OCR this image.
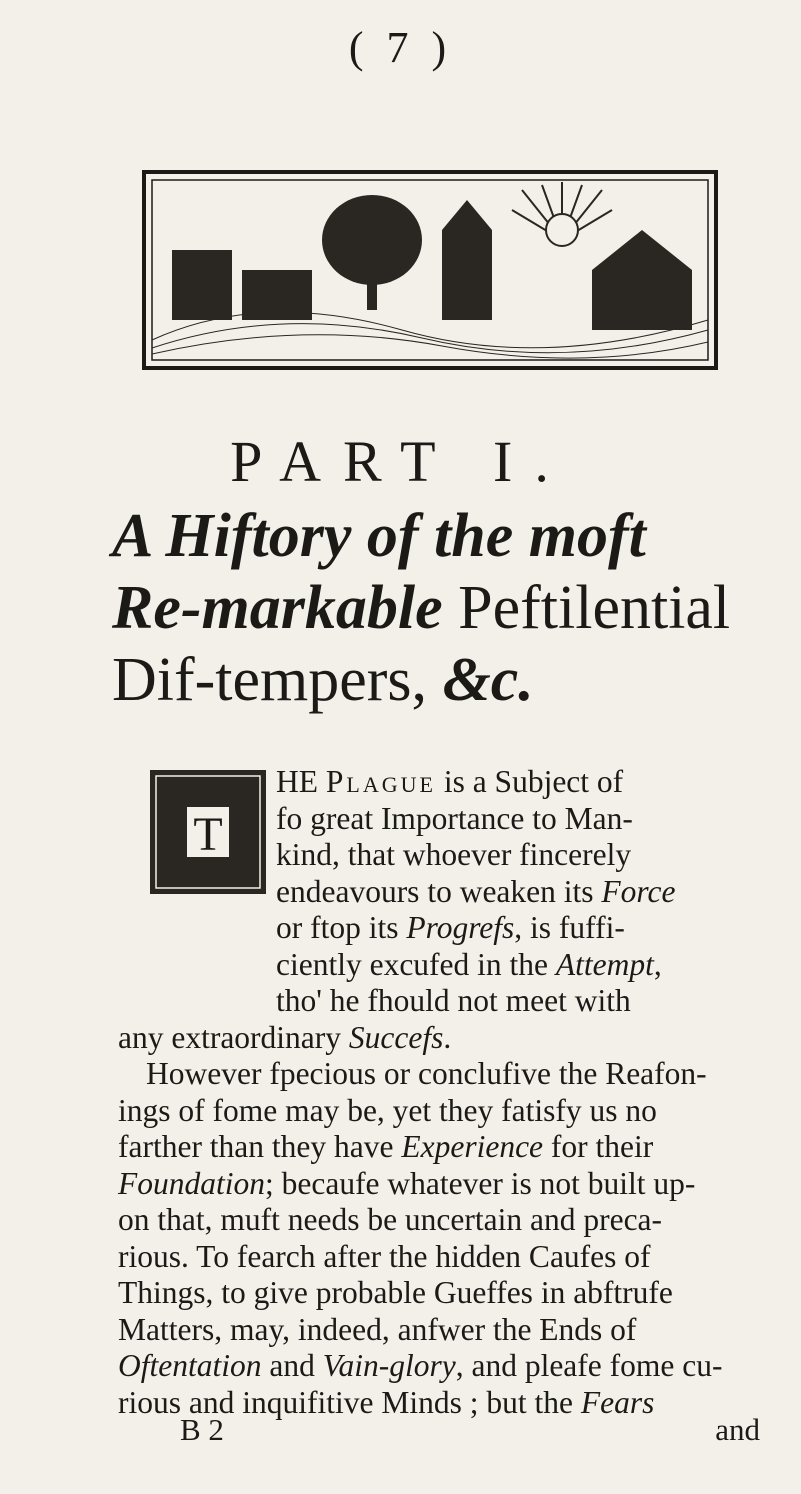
( 7 )
PART I.
A Hiftory of the moft Re-markable Peftilential Dif-tempers, &c.
T
HE Plague is a Subject of
fo great Importance to Man-
kind, that whoever fincerely
endeavours to weaken its Force
or ftop its Progrefs, is fuffi-
ciently excufed in the Attempt,
tho' he fhould not meet with
any extraordinary Succefs.
However fpecious or conclufive the Reafon-
ings of fome may be, yet they fatisfy us no
farther than they have Experience for their
Foundation; becaufe whatever is not built up-
on that, muft needs be uncertain and preca-
rious. To fearch after the hidden Caufes of
Things, to give probable Gueffes in abftrufe
Matters, may, indeed, anfwer the Ends of
Oftentation and Vain-glory, and pleafe fome cu-
rious and inquifitive Minds ; but the Fears
B 2	and
